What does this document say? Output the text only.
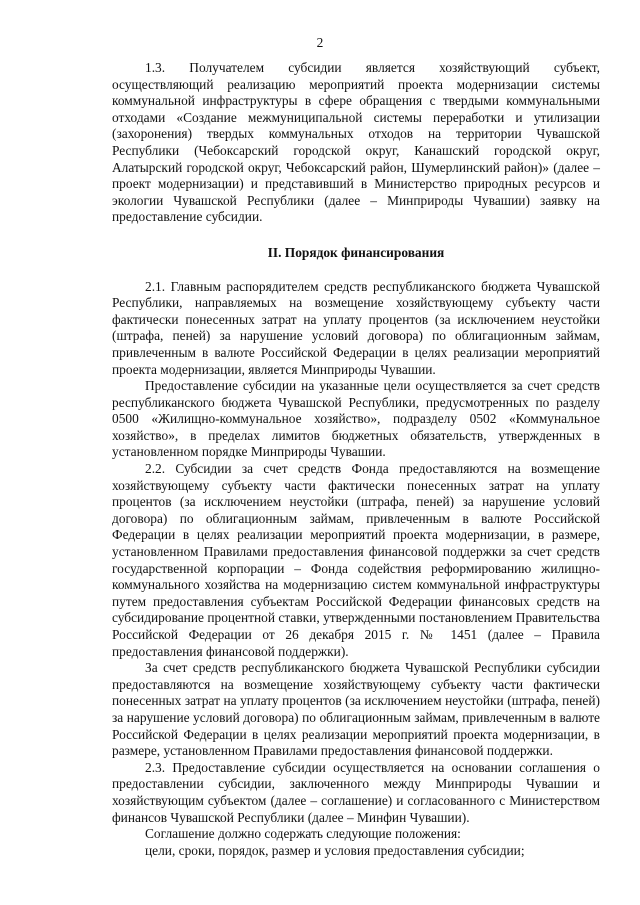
2

1.3. Получателем субсидии является хозяйствующий субъект, осуществляющий реализацию мероприятий проекта модернизации системы коммунальной инфраструктуры в сфере обращения с твердыми коммунальными отходами «Создание межмуниципальной системы переработки и утилизации (захоронения) твердых коммунальных отходов на территории Чувашской Республики (Чебоксарский городской округ, Канашский городской округ, Алатырский городской округ, Чебоксарский район, Шумерлинский район)» (далее – проект модернизации) и представивший в Министерство природных ресурсов и экологии Чувашской Республики (далее – Минприроды Чувашии) заявку на предоставление субсидии.

II. Порядок финансирования

2.1. Главным распорядителем средств республиканского бюджета Чувашской Республики, направляемых на возмещение хозяйствующему субъекту части фактически понесенных затрат на уплату процентов (за исключением неустойки (штрафа, пеней) за нарушение условий договора) по облигационным займам, привлеченным в валюте Российской Федерации в целях реализации мероприятий проекта модернизации, является Минприроды Чувашии.

Предоставление субсидии на указанные цели осуществляется за счет средств республиканского бюджета Чувашской Республики, предусмотренных по разделу 0500 «Жилищно-коммунальное хозяйство», подразделу 0502 «Коммунальное хозяйство», в пределах лимитов бюджетных обязательств, утвержденных в установленном порядке Минприроды Чувашии.

2.2. Субсидии за счет средств Фонда предоставляются на возмещение хозяйствующему субъекту части фактически понесенных затрат на уплату процентов (за исключением неустойки (штрафа, пеней) за нарушение условий договора) по облигационным займам, привлеченным в валюте Российской Федерации в целях реализации мероприятий проекта модернизации, в размере, установленном Правилами предоставления финансовой поддержки за счет средств государственной корпорации – Фонда содействия реформированию жилищно-коммунального хозяйства на модернизацию систем коммунальной инфраструктуры путем предоставления субъектам Российской Федерации финансовых средств на субсидирование процентной ставки, утвержденными постановлением Правительства Российской Федерации от 26 декабря 2015 г. № 1451 (далее – Правила предоставления финансовой поддержки).

За счет средств республиканского бюджета Чувашской Республики субсидии предоставляются на возмещение хозяйствующему субъекту части фактически понесенных затрат на уплату процентов (за исключением неустойки (штрафа, пеней) за нарушение условий договора) по облигационным займам, привлеченным в валюте Российской Федерации в целях реализации мероприятий проекта модернизации, в размере, установленном Правилами предоставления финансовой поддержки.

2.3. Предоставление субсидии осуществляется на основании соглашения о предоставлении субсидии, заключенного между Минприроды Чувашии и хозяйствующим субъектом (далее – соглашение) и согласованного с Министерством финансов Чувашской Республики (далее – Минфин Чувашии).

Соглашение должно содержать следующие положения:

цели, сроки, порядок, размер и условия предоставления субсидии;
